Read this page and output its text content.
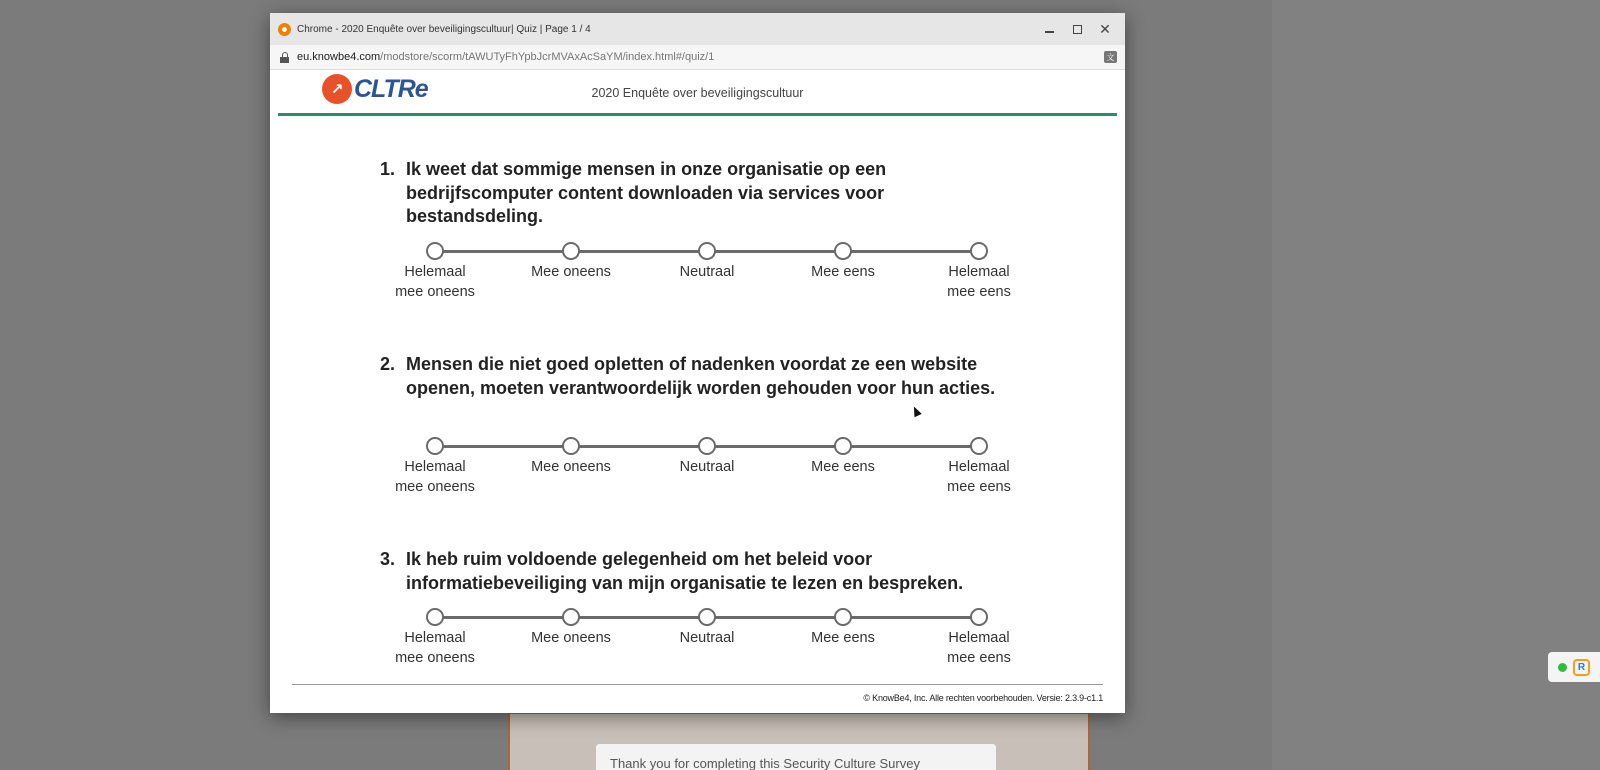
Thank you for completing this Security Culture Survey
R
Chrome - 2020 Enquête over beveiligingscultuur| Quiz | Page 1 / 4	✕
eu.knowbe4.com/modstore/scorm/tAWUTyFhYpbJcrMVAxAcSaYM/index.html#/quiz/1	文
↗ CLTRe	2020 Enquête over beveiligingscultuur
1. Ik weet dat sommige mensen in onze organisatie op een bedrijfscomputer content downloaden via services voor bestandsdeling.
Helemaal
mee oneens
Mee oneens	Neutraal	Mee eens	Helemaal
mee eens
2. Mensen die niet goed opletten of nadenken voordat ze een website openen, moeten verantwoordelijk worden gehouden voor hun acties.
Helemaal
mee oneens
Mee oneens	Neutraal	Mee eens	Helemaal
mee eens
3. Ik heb ruim voldoende gelegenheid om het beleid voor informatiebeveiliging van mijn organisatie te lezen en bespreken.
Helemaal
mee oneens
Mee oneens	Neutraal	Mee eens	Helemaal
mee eens
© KnowBe4, Inc. Alle rechten voorbehouden. Versie: 2.3.9-c1.1
